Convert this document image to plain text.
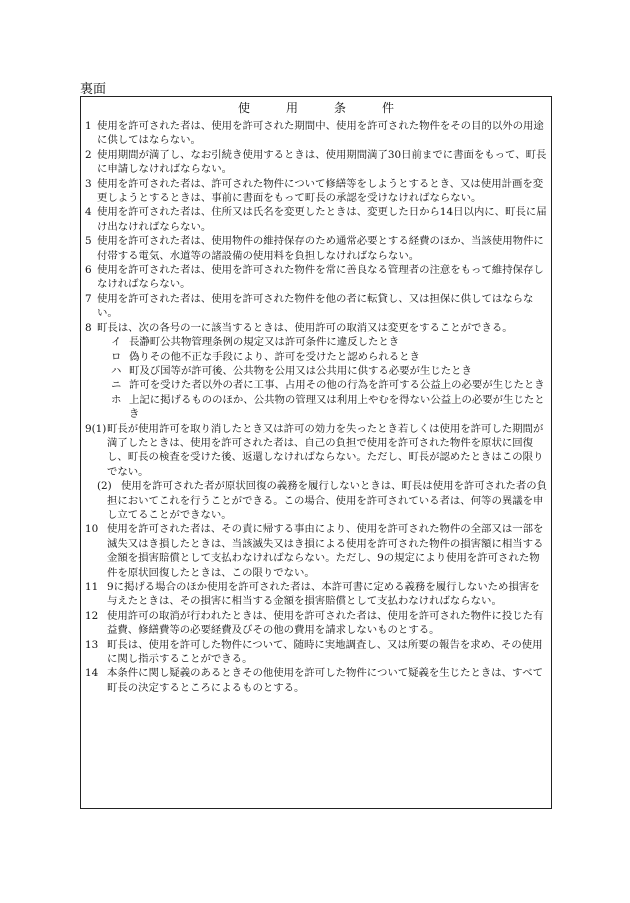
裏面
使用条件

1 使用を許可された者は、使用を許可された期間中、使用を許可された物件をその目的以外の用途に供してはならない。

2 使用期間が満了し、なお引続き使用するときは、使用期間満了30日前までに書面をもって、町長に申請しなければならない。

3 使用を許可された者は、許可された物件について修繕等をしようとするとき、又は使用計画を変更しようとするときは、事前に書面をもって町長の承認を受けなければならない。

4 使用を許可された者は、住所又は氏名を変更したときは、変更した日から14日以内に、町長に届け出なければならない。

5 使用を許可された者は、使用物件の維持保存のため通常必要とする経費のほか、当該使用物件に付帯する電気、水道等の諸設備の使用料を負担しなければならない。

6 使用を許可された者は、使用を許可された物件を常に善良なる管理者の注意をもって維持保存しなければならない。

7 使用を許可された者は、使用を許可された物件を他の者に転貸し、又は担保に供してはならない。

8 町長は、次の各号の一に該当するときは、使用許可の取消又は変更をすることができる。

イ 長瀞町公共物管理条例の規定又は許可条件に違反したとき

ロ 偽りその他不正な手段により、許可を受けたと認められるとき

ハ 町及び国等が許可後、公共物を公用又は公共用に供する必要が生じたとき

ニ 許可を受けた者以外の者に工事、占用その他の行為を許可する公益上の必要が生じたとき

ホ 上記に掲げるもののほか、公共物の管理又は利用上やむを得ない公益上の必要が生じたとき

9(1)町長が使用許可を取り消したとき又は許可の効力を失ったとき若しくは使用を許可した期間が満了したときは、使用を許可された者は、自己の負担で使用を許可された物件を原状に回復し、町長の検査を受けた後、返還しなければならない。ただし、町長が認めたときはこの限りでない。

(2) 使用を許可された者が原状回復の義務を履行しないときは、町長は使用を許可された者の負担においてこれを行うことができる。この場合、使用を許可されている者は、何等の異議を申し立てることができない。

10 使用を許可された者は、その責に帰する事由により、使用を許可された物件の全部又は一部を滅失又はき損したときは、当該滅失又はき損による使用を許可された物件の損害額に相当する金額を損害賠償として支払わなければならない。ただし、9の規定により使用を許可された物件を原状回復したときは、この限りでない。

11 9に掲げる場合のほか使用を許可された者は、本許可書に定める義務を履行しないため損害を与えたときは、その損害に相当する金額を損害賠償として支払わなければならない。

12 使用許可の取消が行われたときは、使用を許可された者は、使用を許可された物件に投じた有益費、修繕費等の必要経費及びその他の費用を請求しないものとする。

13 町長は、使用を許可した物件について、随時に実地調査し、又は所要の報告を求め、その使用に関し指示することができる。

14 本条件に関し疑義のあるときその他使用を許可した物件について疑義を生じたときは、すべて町長の決定するところによるものとする。
